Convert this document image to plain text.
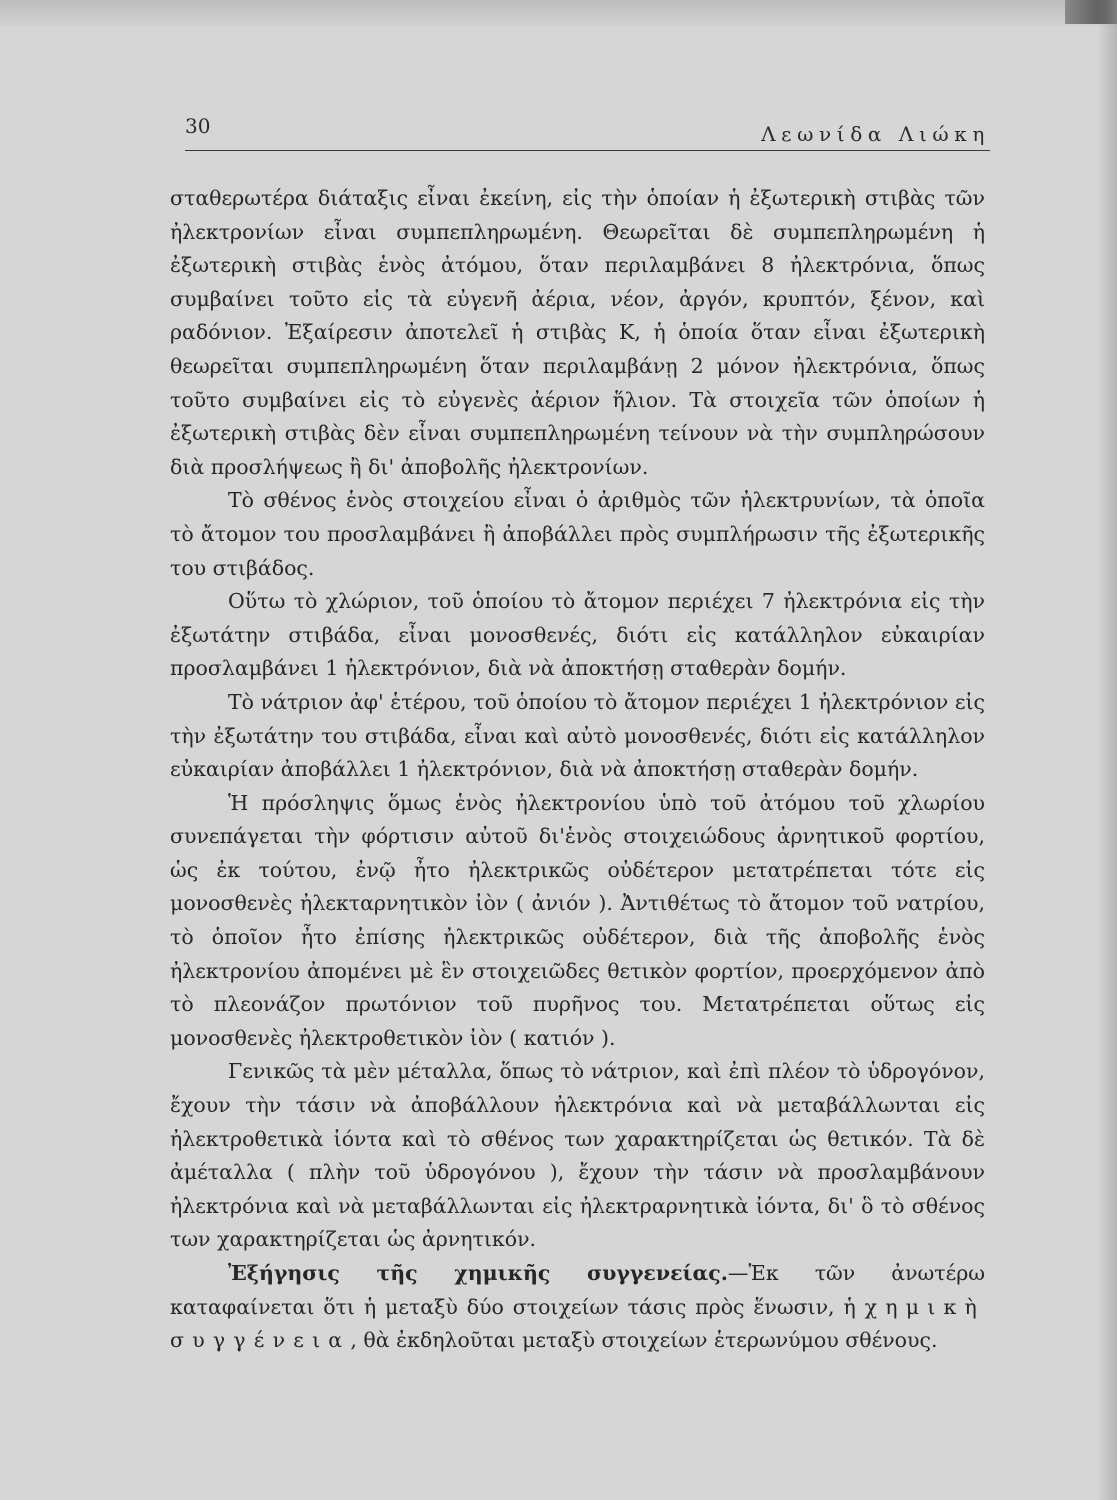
30	Λεωνίδα Λιώκη

σταθερωτέρα διάταξις εἶναι ἐκείνη, εἰς τὴν ὁποίαν ἡ ἐξωτερικὴ στιβὰς τῶν ἠλεκτρονίων εἶναι συμπεπληρωμένη. Θεωρεῖται δὲ συμπεπληρωμένη ἡ ἐξωτερικὴ στιβὰς ἑνὸς ἀτόμου, ὅταν περιλαμβάνει 8 ἠλεκτρόνια, ὅπως συμβαίνει τοῦτο εἰς τὰ εὐγενῆ ἀέρια, νέον, ἀργόν, κρυπτόν, ξένον, καὶ ραδόνιον. Ἐξαίρεσιν ἀποτελεῖ ἡ στιβὰς Κ, ἡ ὁποία ὅταν εἶναι ἐξωτερικὴ θεωρεῖται συμπεπληρωμένη ὅταν περιλαμβάνῃ 2 μόνον ἠλεκτρόνια, ὅπως τοῦτο συμβαίνει εἰς τὸ εὐγενὲς ἀέριον ἥλιον. Τὰ στοιχεῖα τῶν ὁποίων ἡ ἐξωτερικὴ στιβὰς δὲν εἶναι συμπεπληρωμένη τείνουν νὰ τὴν συμπληρώσουν διὰ προσλήψεως ἢ δι' ἀποβολῆς ἠλεκτρονίων.

Τὸ σθένος ἑνὸς στοιχείου εἶναι ὁ ἀριθμὸς τῶν ἠλεκτρυνίων, τὰ ὁποῖα τὸ ἄτομον του προσλαμβάνει ἢ ἀποβάλλει πρὸς συμπλήρωσιν τῆς ἐξωτερικῆς του στιβάδος.

Οὕτω τὸ χλώριον, τοῦ ὁποίου τὸ ἄτομον περιέχει 7 ἠλεκτρόνια εἰς τὴν ἐξωτάτην στιβάδα, εἶναι μονοσθενές, διότι εἰς κατάλληλον εὐκαιρίαν προσλαμβάνει 1 ἠλεκτρόνιον, διὰ νὰ ἀποκτήσῃ σταθερὰν δομήν.

Τὸ νάτριον ἀφ' ἑτέρου, τοῦ ὁποίου τὸ ἄτομον περιέχει 1 ἠλεκτρόνιον εἰς τὴν ἐξωτάτην του στιβάδα, εἶναι καὶ αὐτὸ μονοσθενές, διότι εἰς κατάλληλον εὐκαιρίαν ἀποβάλλει 1 ἠλεκτρόνιον, διὰ νὰ ἀποκτήσῃ σταθερὰν δομήν.

Ἡ πρόσληψις ὅμως ἑνὸς ἠλεκτρονίου ὑπὸ τοῦ ἀτόμου τοῦ χλωρίου συνεπάγεται τὴν φόρτισιν αὐτοῦ δι'ἑνὸς στοιχειώδους ἀρνητικοῦ φορτίου, ὡς ἐκ τούτου, ἐνῷ ἦτο ἠλεκτρικῶς οὐδέτερον μετατρέπεται τότε εἰς μονοσθενὲς ἠλεκταρνητικὸν ἰὸν ( ἀνιόν ). Ἀντιθέτως τὸ ἄτομον τοῦ νατρίου, τὸ ὁποῖον ἦτο ἐπίσης ἠλεκτρικῶς οὐδέτερον, διὰ τῆς ἀποβολῆς ἑνὸς ἠλεκτρονίου ἀπομένει μὲ ἓν στοιχειῶδες θετικὸν φορτίον, προερχόμενον ἀπὸ τὸ πλεονάζον πρωτόνιον τοῦ πυρῆνος του. Μετατρέπεται οὕτως εἰς μονοσθενὲς ἠλεκτροθετικὸν ἰὸν ( κατιόν ).

Γενικῶς τὰ μὲν μέταλλα, ὅπως τὸ νάτριον, καὶ ἐπὶ πλέον τὸ ὑδρογόνον, ἔχουν τὴν τάσιν νὰ ἀποβάλλουν ἠλεκτρόνια καὶ νὰ μεταβάλλωνται εἰς ἠλεκτροθετικὰ ἰόντα καὶ τὸ σθένος των χαρακτηρίζεται ὡς θετικόν. Τὰ δὲ ἀμέταλλα ( πλὴν τοῦ ὑδρογόνου ), ἔχουν τὴν τάσιν νὰ προσλαμβάνουν ἠλεκτρόνια καὶ νὰ μεταβάλλωνται εἰς ἠλεκτραρνητικὰ ἰόντα, δι' ὃ τὸ σθένος των χαρακτηρίζεται ὡς ἀρνητικόν.

Ἐξήγησις τῆς χημικῆς συγγενείας.—Ἐκ τῶν ἀνωτέρω καταφαίνεται ὅτι ἡ μεταξὺ δύο στοιχείων τάσις πρὸς ἕνωσιν, ἡ χημικὴ συγγένεια, θὰ ἐκδηλοῦται μεταξὺ στοιχείων ἑτερωνύμου σθένους.
